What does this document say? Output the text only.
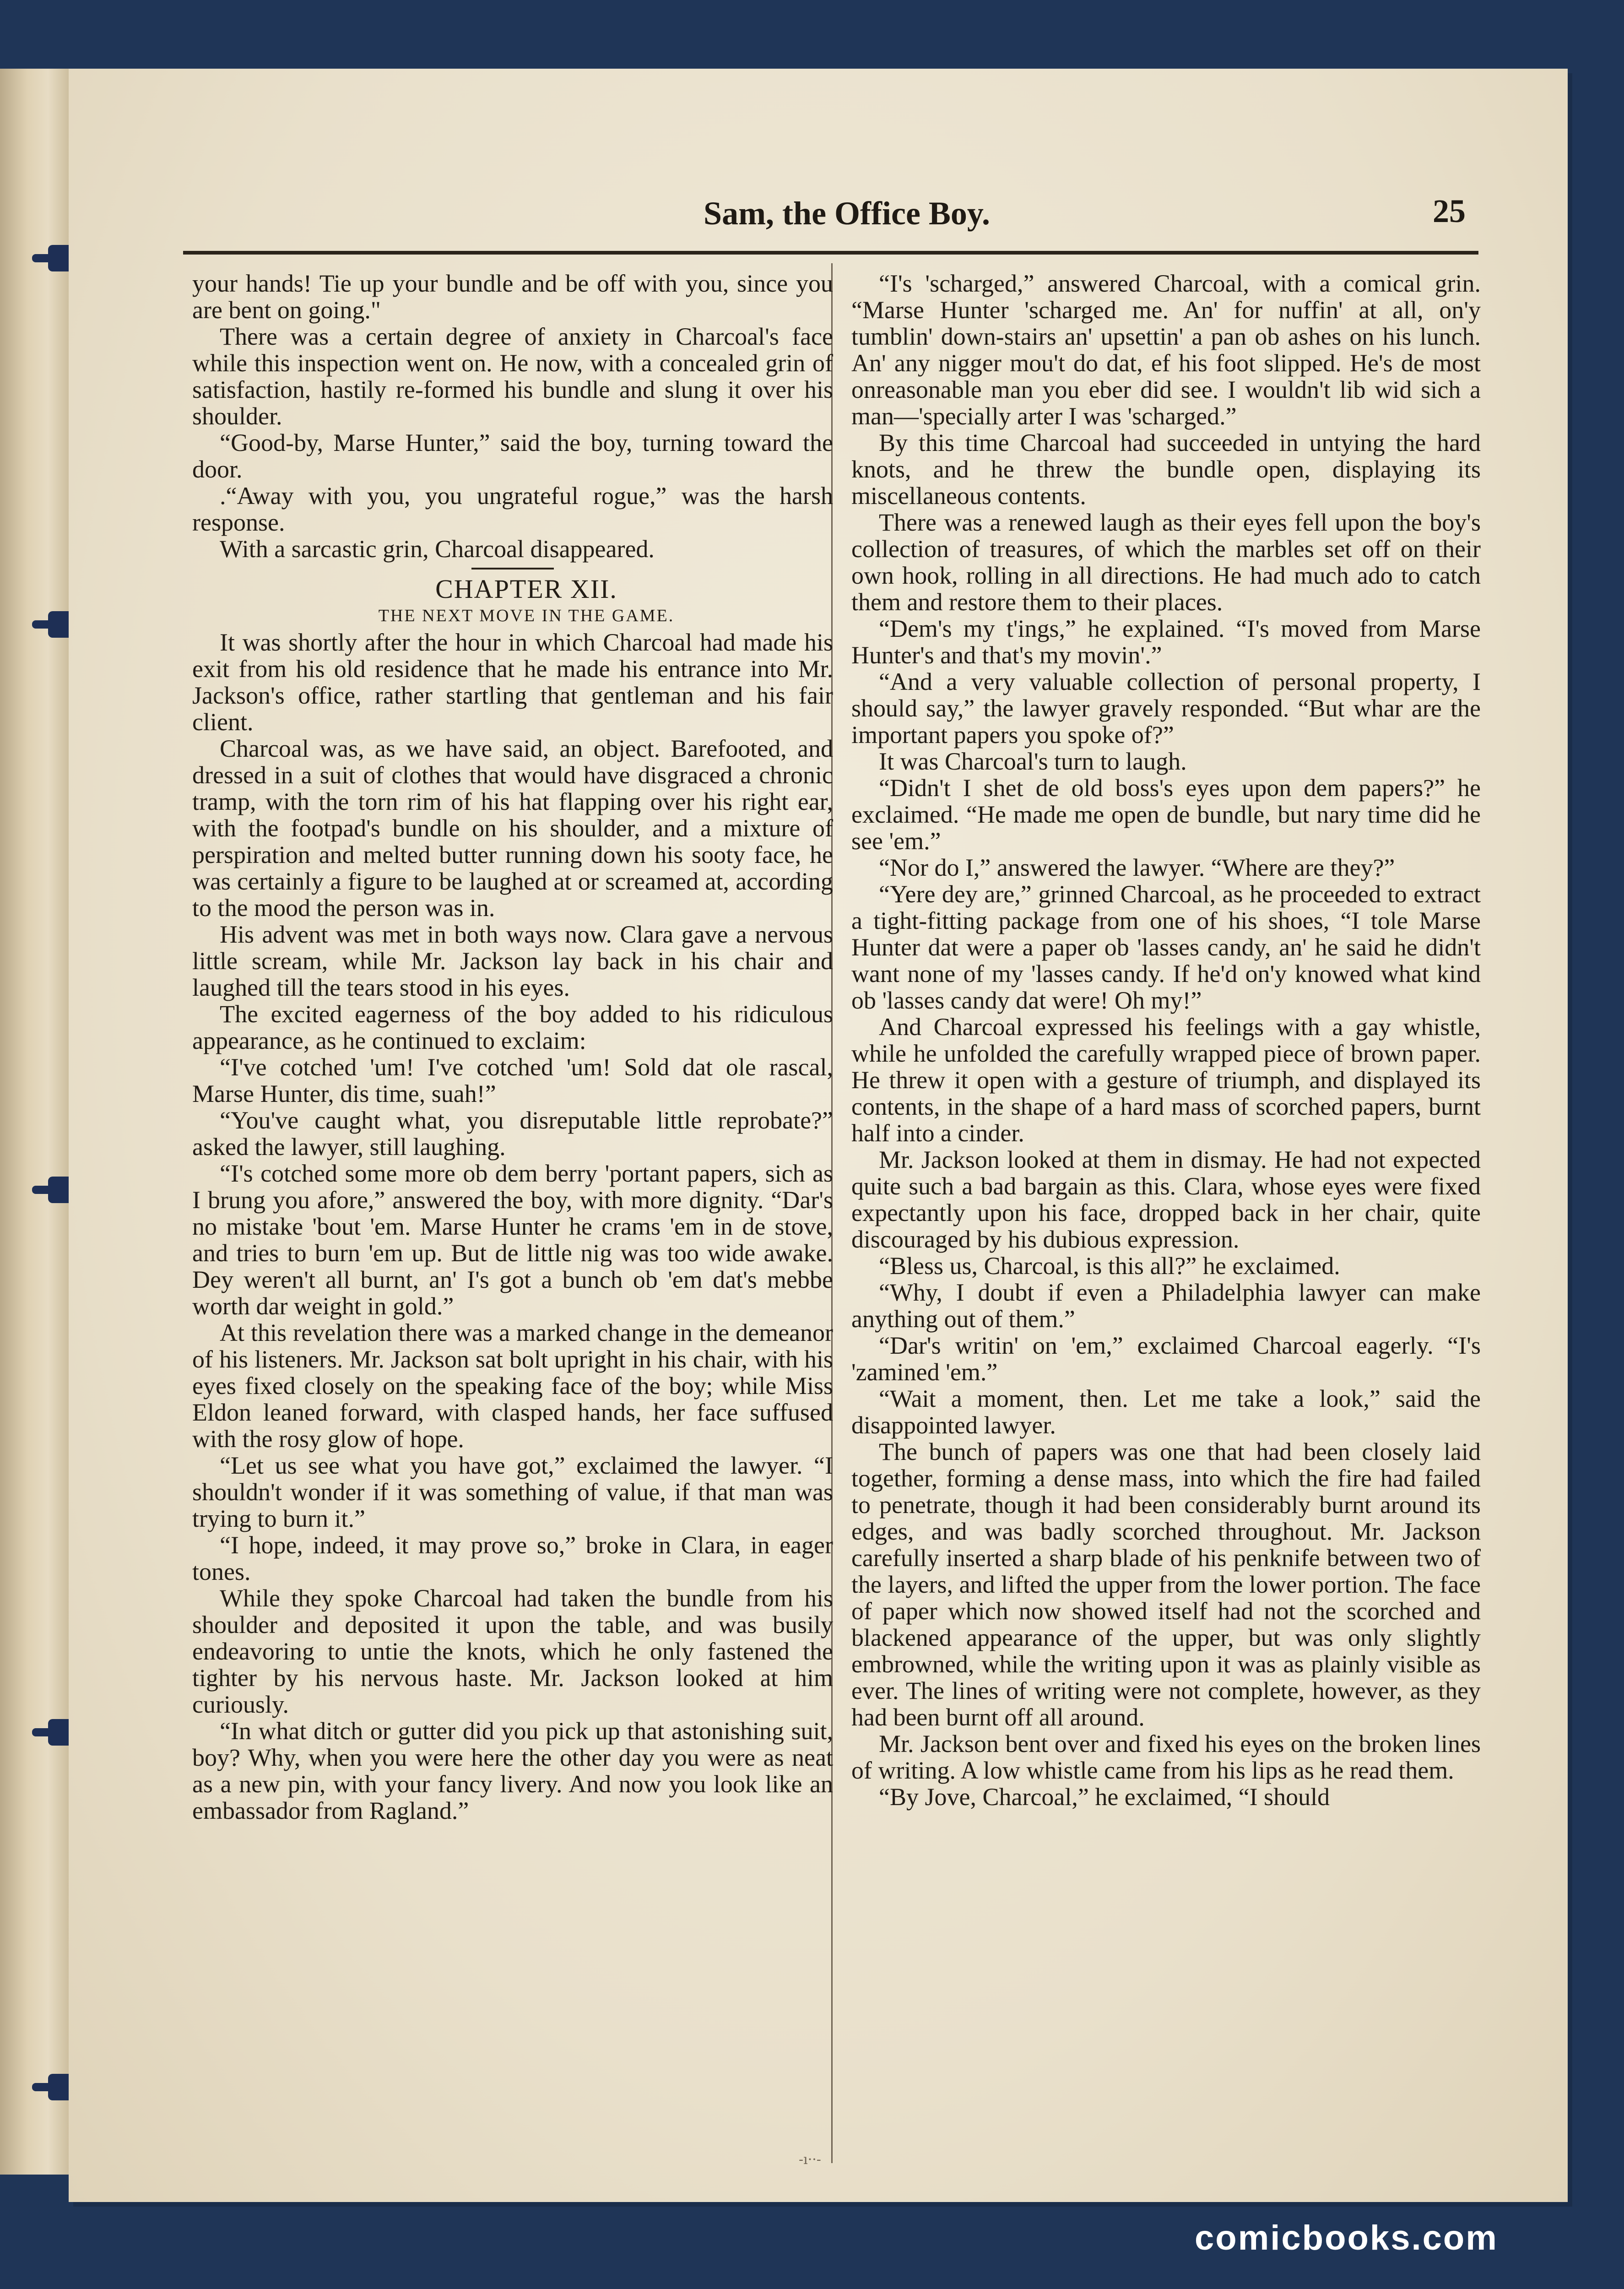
Sam, the Office Boy.	25

your hands! Tie up your bundle and be off with you, since you are bent on going."

There was a certain degree of anxiety in Charcoal's face while this inspection went on. He now, with a concealed grin of satisfaction, hastily re-formed his bundle and slung it over his shoulder.

“Good-by, Marse Hunter,” said the boy, turning toward the door.

.“Away with you, you ungrateful rogue,” was the harsh response.

With a sarcastic grin, Charcoal disappeared.

CHAPTER XII.

THE NEXT MOVE IN THE GAME.

It was shortly after the hour in which Charcoal had made his exit from his old residence that he made his entrance into Mr. Jackson's office, rather startling that gentleman and his fair client.

Charcoal was, as we have said, an object. Barefooted, and dressed in a suit of clothes that would have disgraced a chronic tramp, with the torn rim of his hat flapping over his right ear, with the footpad's bundle on his shoulder, and a mixture of perspiration and melted butter running down his sooty face, he was certainly a figure to be laughed at or screamed at, according to the mood the person was in.

His advent was met in both ways now. Clara gave a nervous little scream, while Mr. Jackson lay back in his chair and laughed till the tears stood in his eyes.

The excited eagerness of the boy added to his ridiculous appearance, as he continued to exclaim:

“I've cotched 'um! I've cotched 'um! Sold dat ole rascal, Marse Hunter, dis time, suah!”

“You've caught what, you disreputable little reprobate?” asked the lawyer, still laughing.

“I's cotched some more ob dem berry 'portant papers, sich as I brung you afore,” answered the boy, with more dignity. “Dar's no mistake 'bout 'em. Marse Hunter he crams 'em in de stove, and tries to burn 'em up. But de little nig was too wide awake. Dey weren't all burnt, an' I's got a bunch ob 'em dat's mebbe worth dar weight in gold.”

At this revelation there was a marked change in the demeanor of his listeners. Mr. Jackson sat bolt upright in his chair, with his eyes fixed closely on the speaking face of the boy; while Miss Eldon leaned forward, with clasped hands, her face suffused with the rosy glow of hope.

“Let us see what you have got,” exclaimed the lawyer. “I shouldn't wonder if it was something of value, if that man was trying to burn it.”

“I hope, indeed, it may prove so,” broke in Clara, in eager tones.

While they spoke Charcoal had taken the bundle from his shoulder and deposited it upon the table, and was busily endeavoring to untie the knots, which he only fastened the tighter by his nervous haste. Mr. Jackson looked at him curiously.

“In what ditch or gutter did you pick up that astonishing suit, boy? Why, when you were here the other day you were as neat as a new pin, with your fancy livery. And now you look like an embassador from Ragland.”

“I's 'scharged,” answered Charcoal, with a comical grin. “Marse Hunter 'scharged me. An' for nuffin' at all, on'y tumblin' down-stairs an' upsettin' a pan ob ashes on his lunch. An' any nigger mou't do dat, ef his foot slipped. He's de most onreasonable man you eber did see. I wouldn't lib wid sich a man—'specially arter I was 'scharged.”

By this time Charcoal had succeeded in untying the hard knots, and he threw the bundle open, displaying its miscellaneous contents.

There was a renewed laugh as their eyes fell upon the boy's collection of treasures, of which the marbles set off on their own hook, rolling in all directions. He had much ado to catch them and restore them to their places.

“Dem's my t'ings,” he explained. “I's moved from Marse Hunter's and that's my movin'.”

“And a very valuable collection of personal property, I should say,” the lawyer gravely responded. “But whar are the important papers you spoke of?”

It was Charcoal's turn to laugh.

“Didn't I shet de old boss's eyes upon dem papers?” he exclaimed. “He made me open de bundle, but nary time did he see 'em.”

“Nor do I,” answered the lawyer. “Where are they?”

“Yere dey are,” grinned Charcoal, as he proceeded to extract a tight-fitting package from one of his shoes, “I tole Marse Hunter dat were a paper ob 'lasses candy, an' he said he didn't want none of my 'lasses candy. If he'd on'y knowed what kind ob 'lasses candy dat were! Oh my!”

And Charcoal expressed his feelings with a gay whistle, while he unfolded the carefully wrapped piece of brown paper. He threw it open with a gesture of triumph, and displayed its contents, in the shape of a hard mass of scorched papers, burnt half into a cinder.

Mr. Jackson looked at them in dismay. He had not expected quite such a bad bargain as this. Clara, whose eyes were fixed expectantly upon his face, dropped back in her chair, quite discouraged by his dubious expression.

“Bless us, Charcoal, is this all?” he exclaimed.

“Why, I doubt if even a Philadelphia lawyer can make anything out of them.”

“Dar's writin' on 'em,” exclaimed Charcoal eagerly. “I's 'zamined 'em.”

“Wait a moment, then. Let me take a look,” said the disappointed lawyer.

The bunch of papers was one that had been closely laid together, forming a dense mass, into which the fire had failed to penetrate, though it had been considerably burnt around its edges, and was badly scorched throughout. Mr. Jackson carefully inserted a sharp blade of his penknife between two of the layers, and lifted the upper from the lower portion. The face of paper which now showed itself had not the scorched and blackened appearance of the upper, but was only slightly embrowned, while the writing upon it was as plainly visible as ever. The lines of writing were not complete, however, as they had been burnt off all around.

Mr. Jackson bent over and fixed his eyes on the broken lines of writing. A low whistle came from his lips as he read them.

“By Jove, Charcoal,” he exclaimed, “I should

-ı··-
comicbooks.com
